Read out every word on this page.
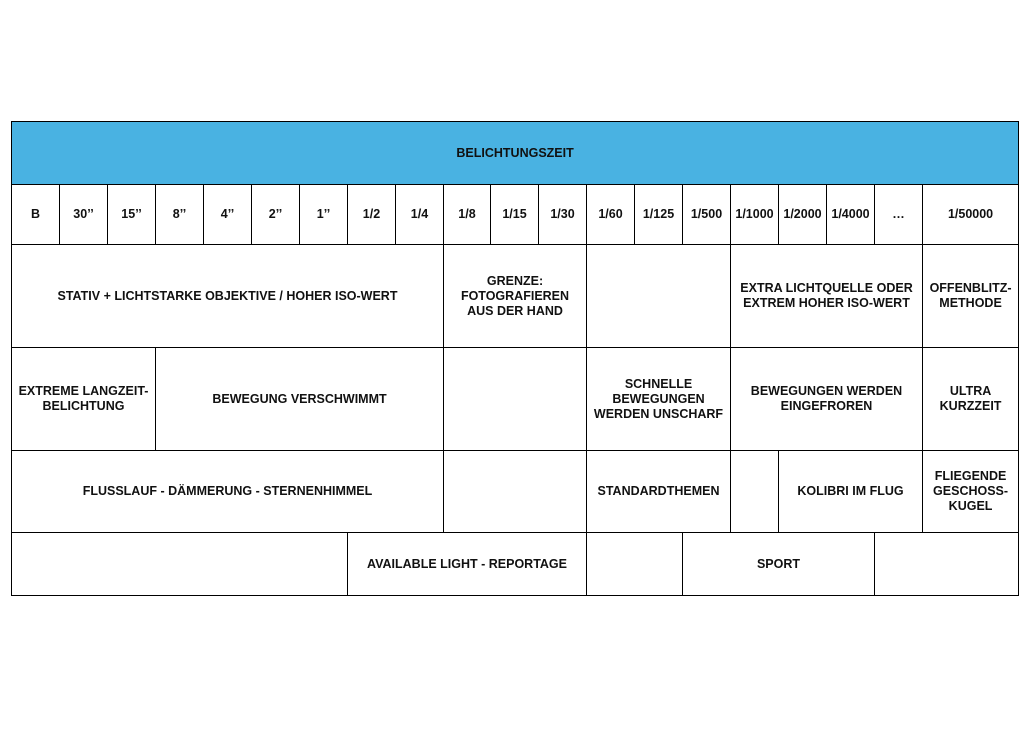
BELICHTUNGSZEIT																			
B	30’’	15’’	8’’	4’’	2’’	1’’	1/2	1/4	1/8	1/15	1/30	1/60	1/125	1/500	1/1000	1/2000	1/4000	…	1/50000
STATIV + LICHTSTARKE OBJEKTIVE / HOHER ISO-WERT									GRENZE: FOTOGRAFIEREN AUS DER HAND						EXTRA LICHTQUELLE ODER EXTREM HOHER ISO-WERT				OFFENBLITZ-METHODE
EXTREME LANGZEIT-BELICHTUNG			BEWEGUNG VERSCHWIMMT									SCHNELLE BEWEGUNGEN WERDEN UNSCHARF			BEWEGUNGEN WERDEN EINGEFROREN				ULTRA KURZZEIT
FLUSSLAUF - DÄMMERUNG - STERNENHIMMEL												STANDARDTHEMEN				KOLIBRI IM FLUG			FLIEGENDE GESCHOSS-KUGEL
							AVAILABLE LIGHT - REPORTAGE							SPORT					
